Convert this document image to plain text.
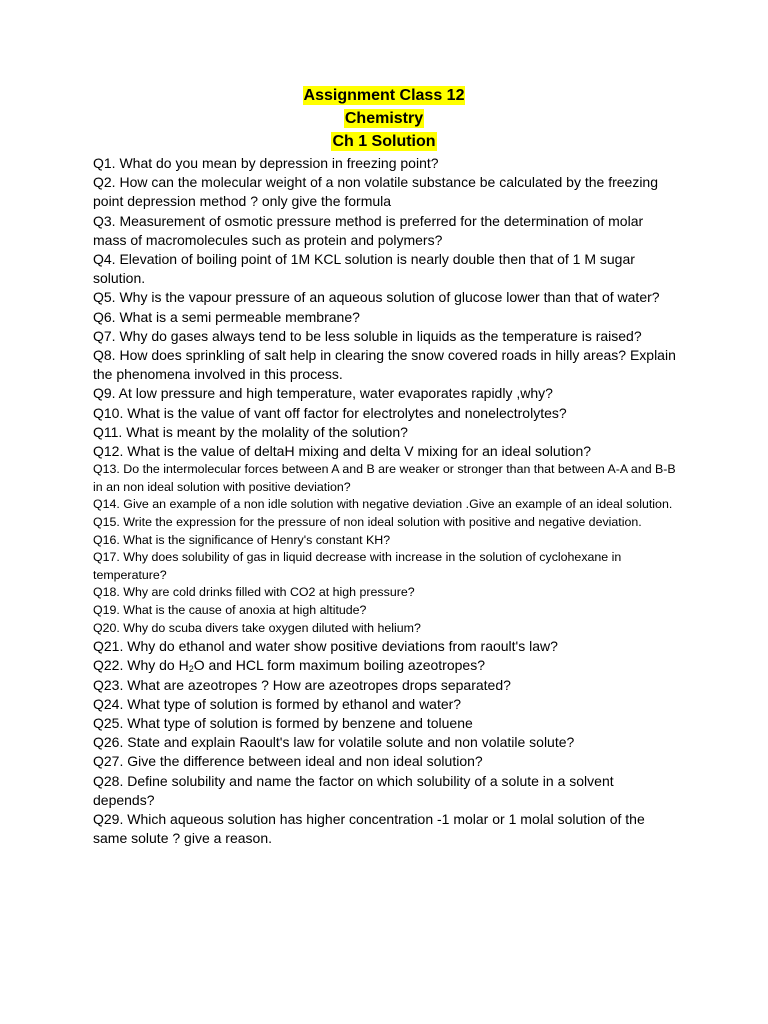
Assignment Class 12
Chemistry
Ch 1 Solution

Q1. What do you mean by depression in freezing point?

Q2. How can the molecular weight of a non volatile substance be calculated by the freezing point depression method ? only give the formula

Q3. Measurement of osmotic pressure method is preferred for the determination of molar mass of macromolecules such as protein and polymers?

Q4. Elevation of boiling point of 1M KCL solution is nearly double then that of 1 M sugar solution.

Q5. Why is the vapour pressure of an aqueous solution of glucose lower than that of water?

Q6. What is a semi permeable membrane?

Q7. Why do gases always tend to be less soluble in liquids as the temperature is raised?

Q8. How does sprinkling of salt help in clearing the snow covered roads in hilly areas? Explain the phenomena involved in this process.

Q9. At low pressure and high temperature, water evaporates rapidly ,why?

Q10. What is the value of vant off factor for electrolytes and nonelectrolytes?

Q11. What is meant by the molality of the solution?

Q12. What is the value of deltaH mixing and delta V mixing for an ideal solution?

Q13. Do the intermolecular forces between A and B are weaker or stronger than that between A-A and B-B in an non ideal solution with positive deviation?

Q14. Give an example of a non idle solution with negative deviation .Give an example of an ideal solution.

Q15. Write the expression for the pressure of non ideal solution with positive and negative deviation.

Q16. What is the significance of Henry's constant KH?

Q17. Why does solubility of gas in liquid decrease with increase in the solution of cyclohexane in temperature?

Q18. Why are cold drinks filled with CO2 at high pressure?

Q19. What is the cause of anoxia at high altitude?

Q20. Why do scuba divers take oxygen diluted with helium?

Q21. Why do ethanol and water show positive deviations from raoult's law?

Q22. Why do $H_2O$ and HCL form maximum boiling azeotropes?

Q23. What are azeotropes ? How are azeotropes drops separated?

Q24. What type of solution is formed by ethanol and water?

Q25. What type of solution is formed by benzene and toluene

Q26. State and explain Raoult's law for volatile solute and non volatile solute?

Q27. Give the difference between ideal and non ideal solution?

Q28. Define solubility and name the factor on which solubility of a solute in a solvent depends?

Q29. Which aqueous solution has higher concentration -1 molar or 1 molal solution of the same solute ? give a reason.
